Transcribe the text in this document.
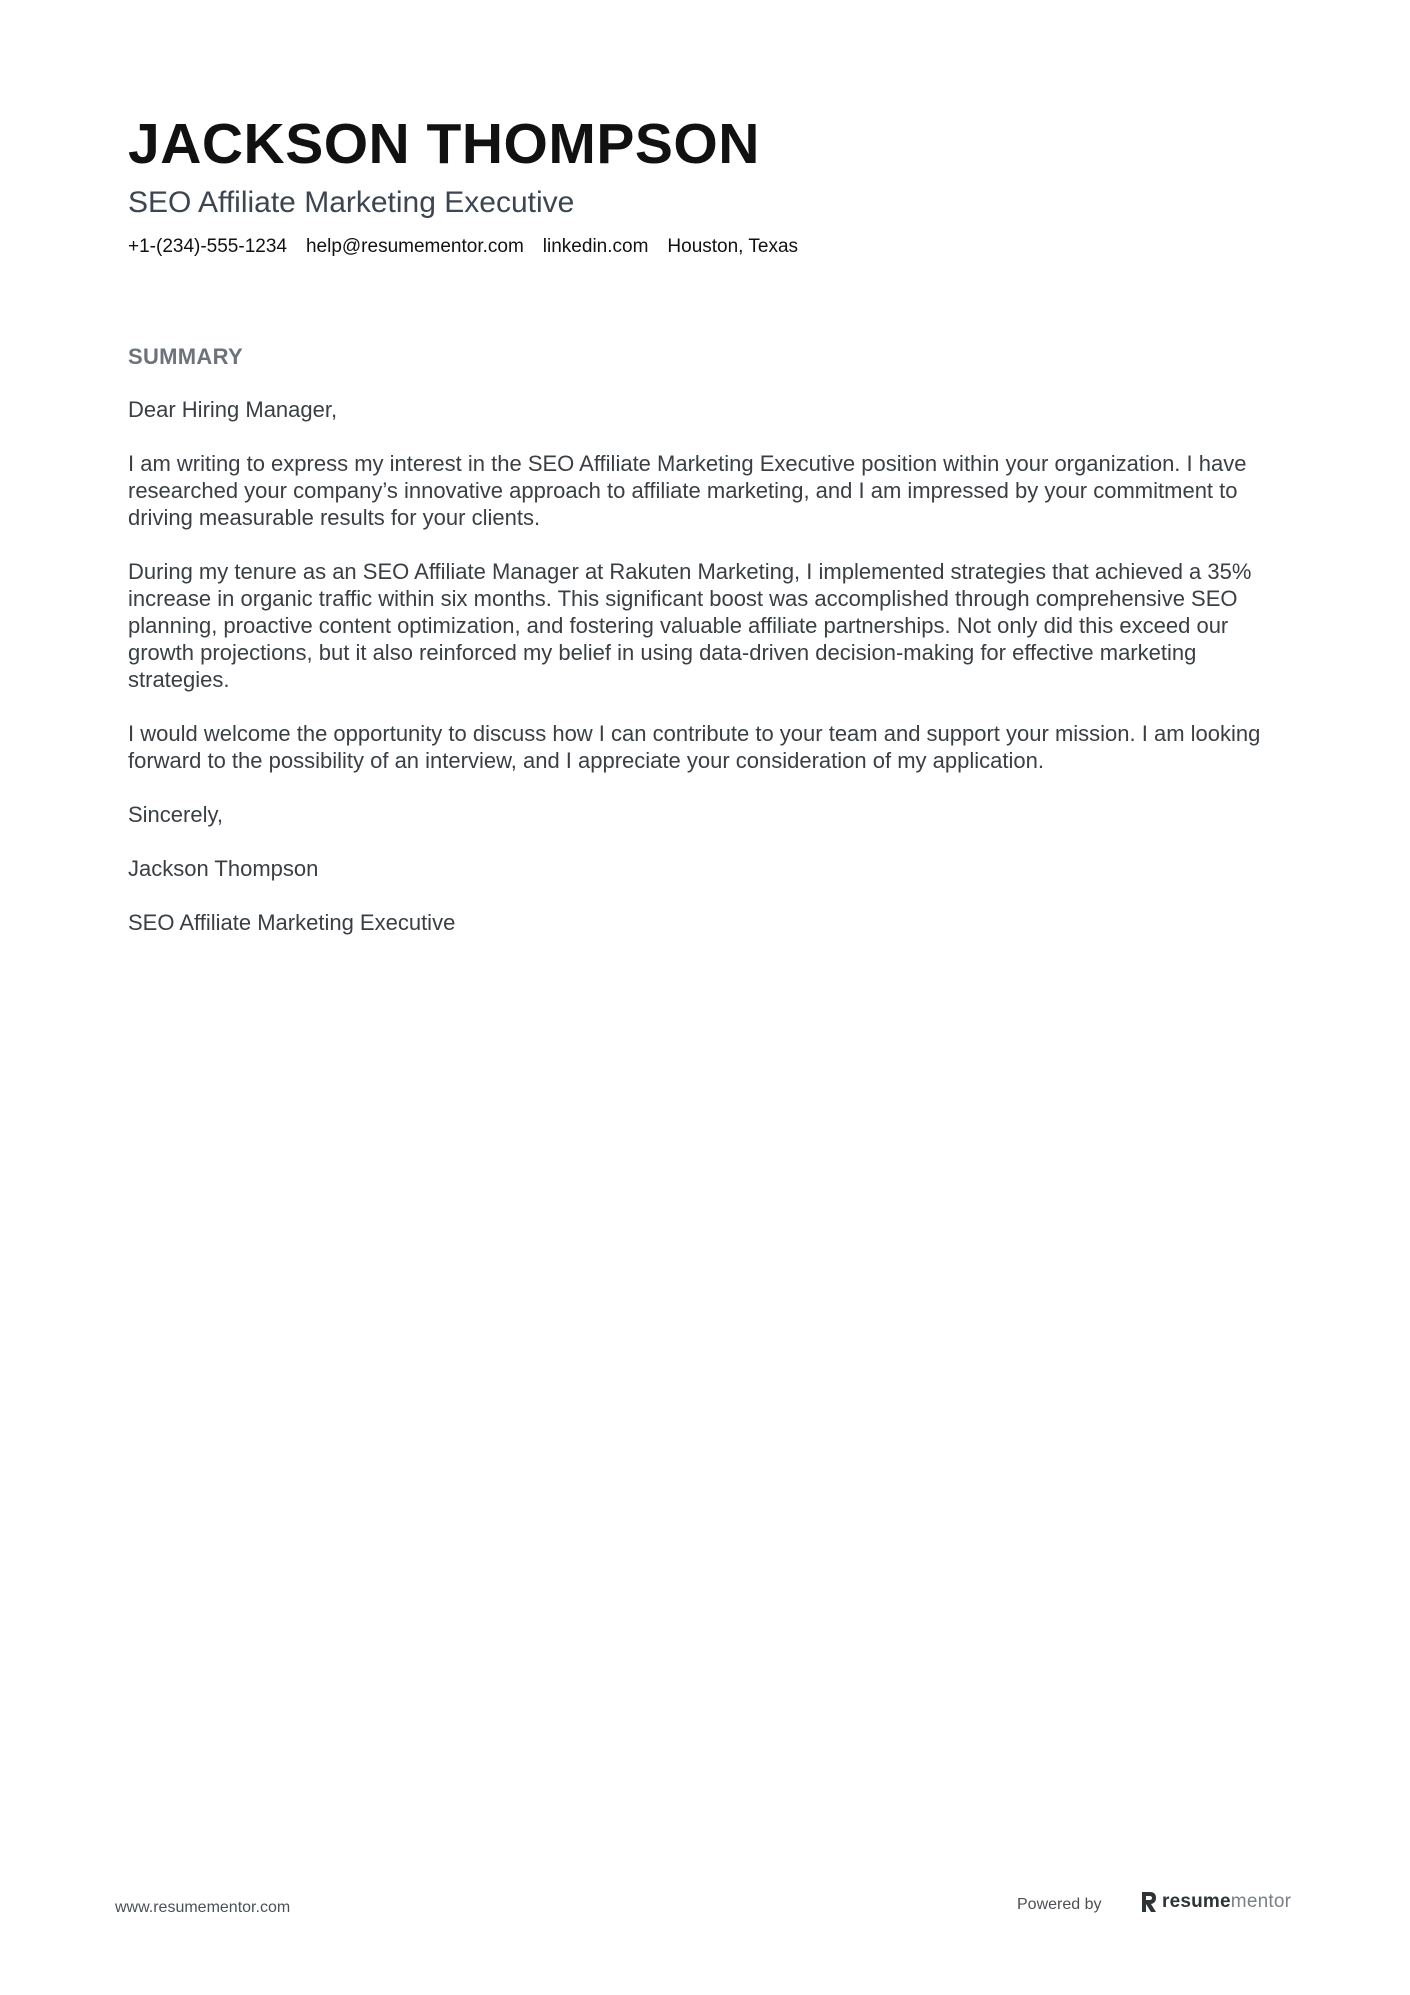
JACKSON THOMPSON
SEO Affiliate Marketing Executive
+1-(234)-555-1234 help@resumementor.com linkedin.com Houston, Texas
SUMMARY

Dear Hiring Manager,

I am writing to express my interest in the SEO Affiliate Marketing Executive position within your organization. I have researched your company’s innovative approach to affiliate marketing, and I am impressed by your commitment to driving measurable results for your clients.

During my tenure as an SEO Affiliate Manager at Rakuten Marketing, I implemented strategies that achieved a 35% increase in organic traffic within six months. This significant boost was accomplished through comprehensive SEO planning, proactive content optimization, and fostering valuable affiliate partnerships. Not only did this exceed our growth projections, but it also reinforced my belief in using data-driven decision-making for effective marketing strategies.

I would welcome the opportunity to discuss how I can contribute to your team and support your mission. I am looking forward to the possibility of an interview, and I appreciate your consideration of my application.

Sincerely,

Jackson Thompson

SEO Affiliate Marketing Executive

www.resumementor.com	Powered by	resumementor
